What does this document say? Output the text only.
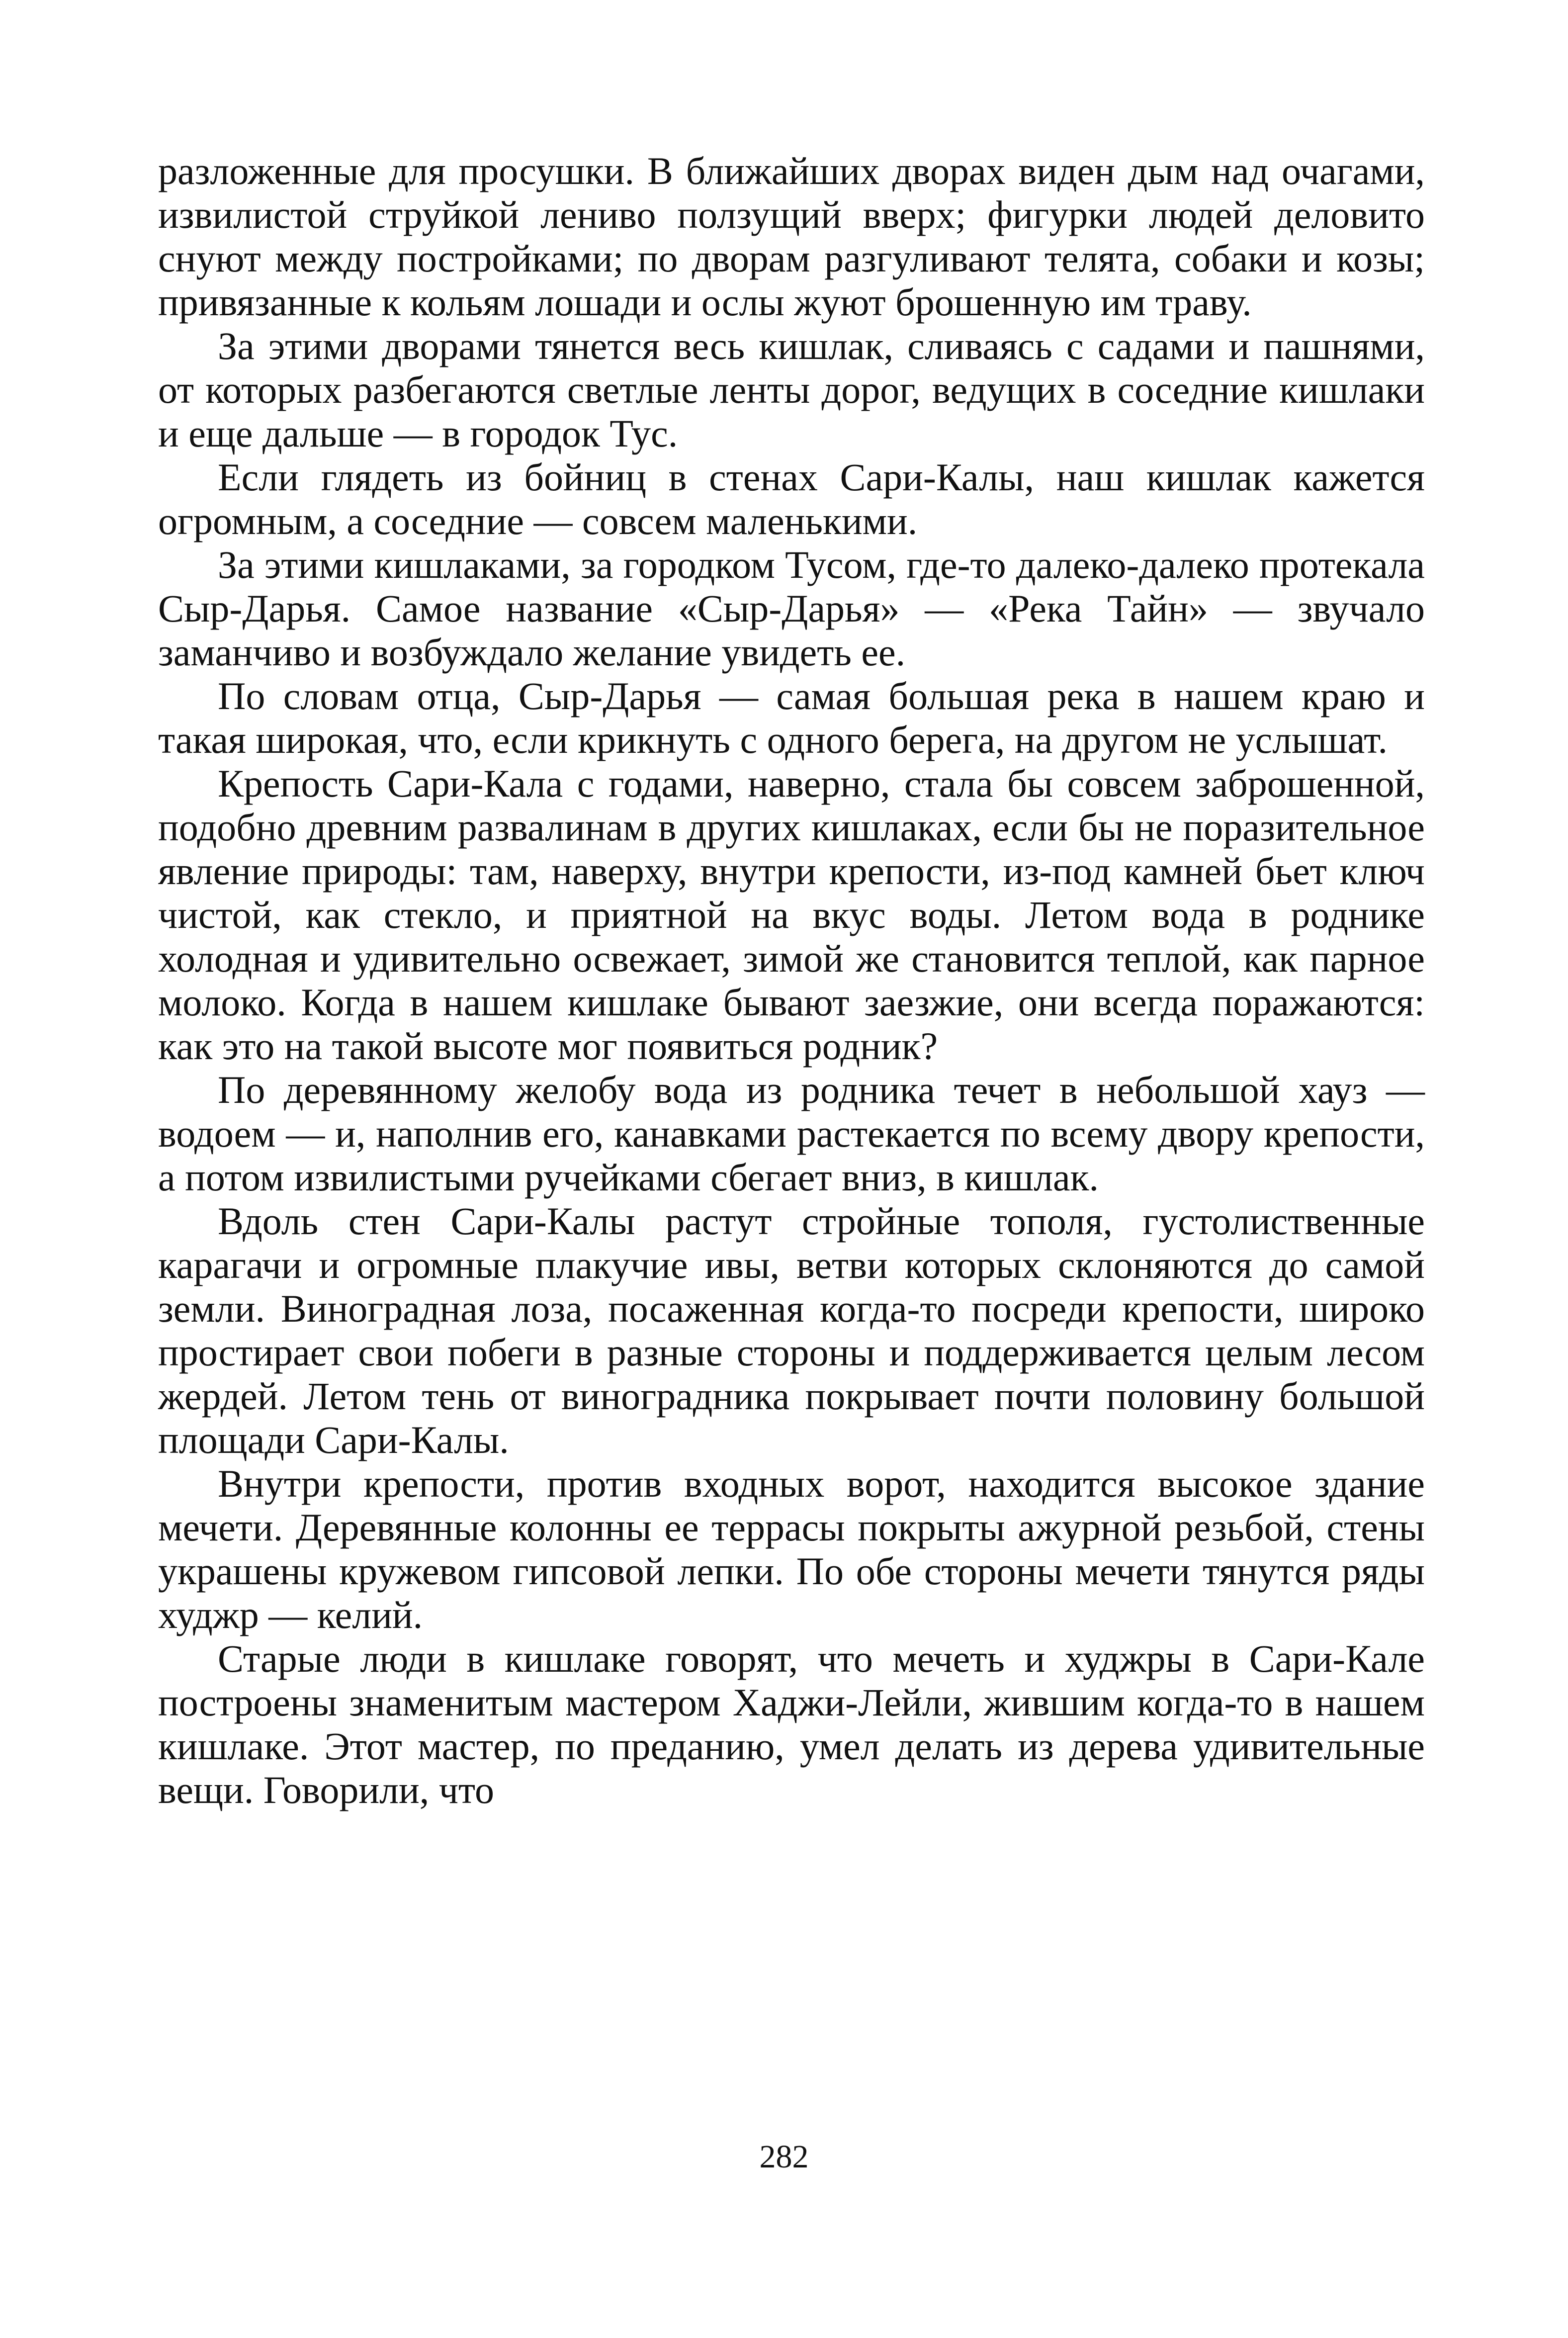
разложенные для просушки. В ближайших дворах виден дым над очагами, извилистой струйкой лениво ползущий вверх; фигурки людей деловито снуют между постройками; по дворам разгуливают телята, собаки и козы; привязанные к кольям лошади и ослы жуют брошенную им траву.

За этими дворами тянется весь кишлак, сливаясь с садами и пашнями, от которых разбегаются светлые ленты дорог, ведущих в соседние кишлаки и еще дальше — в городок Тус.

Если глядеть из бойниц в стенах Сари-Калы, наш кишлак кажется огромным, а соседние — совсем маленькими.

За этими кишлаками, за городком Тусом, где-то далеко-далеко протекала Сыр-Дарья. Самое название «Сыр-Дарья» — «Река Тайн» — звучало заманчиво и возбуждало желание увидеть ее.

По словам отца, Сыр-Дарья — самая большая река в нашем краю и такая широкая, что, если крикнуть с одного берега, на другом не услышат.

Крепость Сари-Кала с годами, наверно, стала бы совсем заброшенной, подобно древним развалинам в других кишлаках, если бы не поразительное явление природы: там, наверху, внутри крепости, из-под камней бьет ключ чистой, как стекло, и приятной на вкус воды. Летом вода в роднике холодная и удивительно освежает, зимой же становится теплой, как парное молоко. Когда в нашем кишлаке бывают заезжие, они всегда поражаются: как это на такой высоте мог появиться родник?

По деревянному желобу вода из родника течет в небольшой хауз — водоем — и, наполнив его, канавками растекается по всему двору крепости, а потом извилистыми ручейками сбегает вниз, в кишлак.

Вдоль стен Сари-Калы растут стройные тополя, густолиственные карагачи и огромные плакучие ивы, ветви которых склоняются до самой земли. Виноградная лоза, посаженная когда-то посреди крепости, широко простирает свои побеги в разные стороны и поддерживается целым лесом жердей. Летом тень от виноградника покрывает почти половину большой площади Сари-Калы.

Внутри крепости, против входных ворот, находится высокое здание мечети. Деревянные колонны ее террасы покрыты ажурной резьбой, стены украшены кружевом гипсовой лепки. По обе стороны мечети тянутся ряды худжр — келий.

Старые люди в кишлаке говорят, что мечеть и худжры в Сари-Кале построены знаменитым мастером Хаджи-Лейли, жившим когда-то в нашем кишлаке. Этот мастер, по преданию, умел делать из дерева удивительные вещи. Говорили, что

282
